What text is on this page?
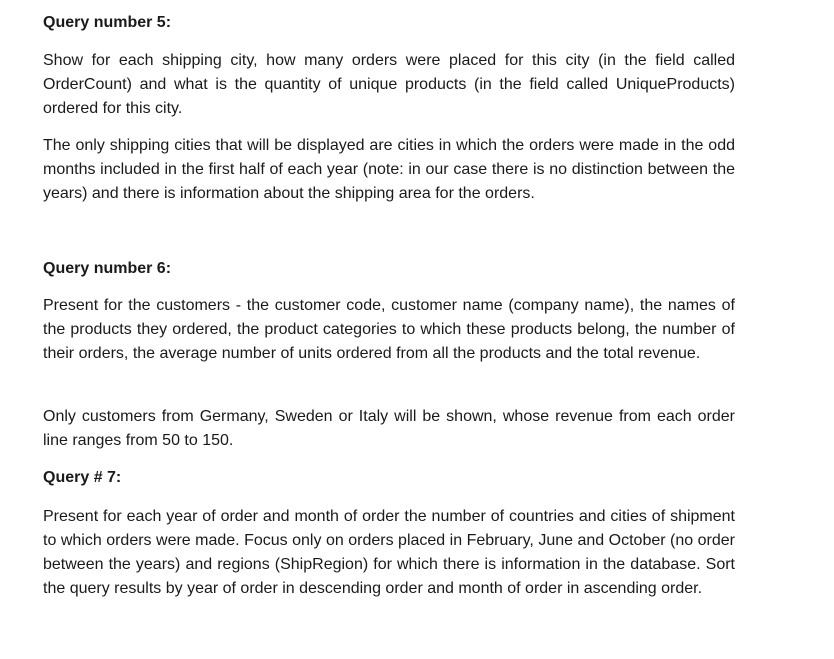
Query number 5:

Show for each shipping city, how many orders were placed for this city (in the field called OrderCount) and what is the quantity of unique products (in the field called UniqueProducts) ordered for this city.

The only shipping cities that will be displayed are cities in which the orders were made in the odd months included in the first half of each year (note: in our case there is no distinction between the years) and there is information about the shipping area for the orders.

Query number 6:

Present for the customers - the customer code, customer name (company name), the names of the products they ordered, the product categories to which these products belong, the number of their orders, the average number of units ordered from all the products and the total revenue.

Only customers from Germany, Sweden or Italy will be shown, whose revenue from each order line ranges from 50 to 150.

Query # 7:

Present for each year of order and month of order the number of countries and cities of shipment to which orders were made. Focus only on orders placed in February, June and October (no order between the years) and regions (ShipRegion) for which there is information in the database. Sort the query results by year of order in descending order and month of order in ascending order.
